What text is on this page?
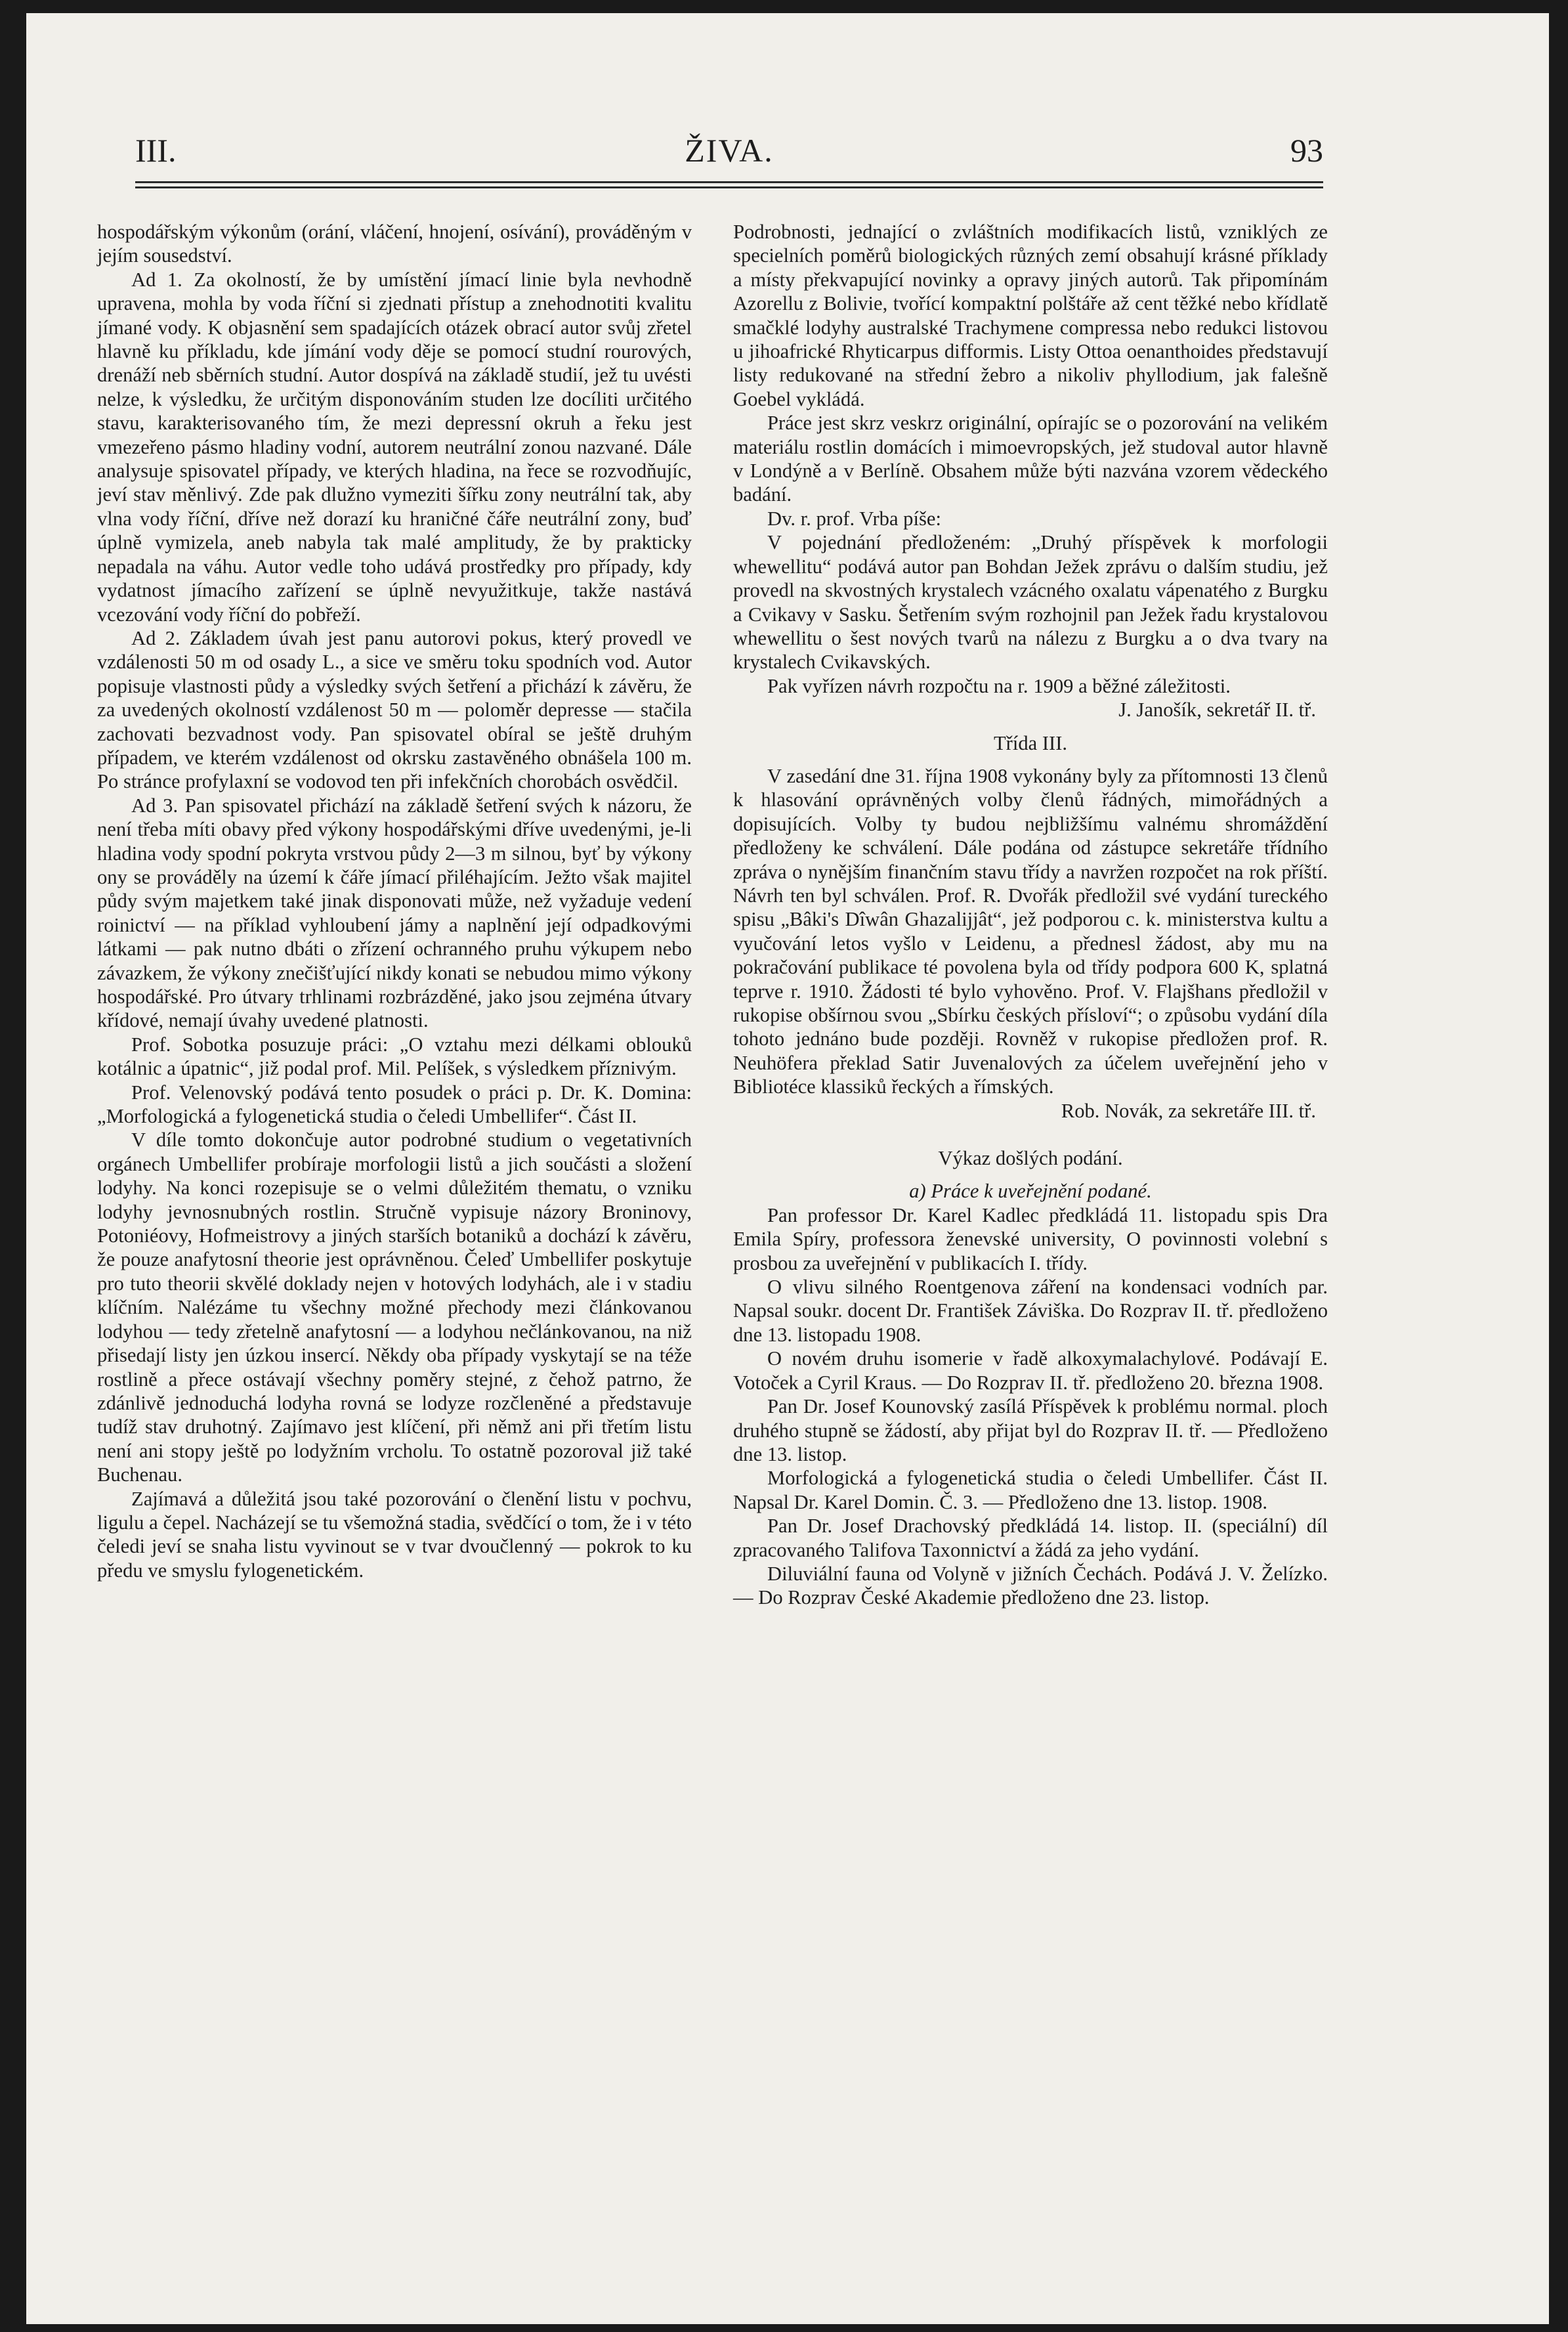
III.	ŽIVA.	93

hospodářským výkonům (orání, vláčení, hnojení, osívání), prováděným v jejím sousedství.

Ad 1. Za okolností, že by umístění jímací linie byla nevhodně upravena, mohla by voda říční si zjednati přístup a znehodnotiti kvalitu jímané vody. K objasnění sem spadajících otázek obrací autor svůj zřetel hlavně ku příkladu, kde jímání vody děje se pomocí studní rourových, drenáží neb sběrních studní. Autor dospívá na základě studií, jež tu uvésti nelze, k výsledku, že určitým disponováním studen lze docíliti určitého stavu, karakterisovaného tím, že mezi depressní okruh a řeku jest vmezeřeno pásmo hladiny vodní, autorem neutrální zonou nazvané. Dále analysuje spisovatel případy, ve kterých hladina, na řece se rozvodňujíc, jeví stav měnlivý. Zde pak dlužno vymeziti šířku zony neutrální tak, aby vlna vody říční, dříve než dorazí ku hraničné čáře neutrální zony, buď úplně vymizela, aneb nabyla tak malé amplitudy, že by prakticky nepadala na váhu. Autor vedle toho udává prostředky pro případy, kdy vydatnost jímacího zařízení se úplně nevyužitkuje, takže nastává vcezování vody říční do pobřeží.

Ad 2. Základem úvah jest panu autorovi pokus, který provedl ve vzdálenosti 50 m od osady L., a sice ve směru toku spodních vod. Autor popisuje vlastnosti půdy a výsledky svých šetření a přichází k závěru, že za uvedených okolností vzdálenost 50 m — poloměr depresse — stačila zachovati bezvadnost vody. Pan spisovatel obíral se ještě druhým případem, ve kterém vzdálenost od okrsku zastavěného obnášela 100 m. Po stránce profylaxní se vodovod ten při infekčních chorobách osvědčil.

Ad 3. Pan spisovatel přichází na základě šetření svých k názoru, že není třeba míti obavy před výkony hospodářskými dříve uvedenými, je-li hladina vody spodní pokryta vrstvou půdy 2—3 m silnou, byť by výkony ony se prováděly na území k čáře jímací přiléhajícím. Ježto však majitel půdy svým majetkem také jinak disponovati může, než vyžaduje vedení roinictví — na příklad vyhloubení jámy a naplnění její odpadkovými látkami — pak nutno dbáti o zřízení ochranného pruhu výkupem nebo závazkem, že výkony znečišťující nikdy konati se nebudou mimo výkony hospodářské. Pro útvary trhlinami rozbrázděné, jako jsou zejména útvary křídové, nemají úvahy uvedené platnosti.

Prof. Sobotka posuzuje práci: „O vztahu mezi délkami oblouků kotálnic a úpatnic“, již podal prof. Mil. Pelíšek, s výsledkem příznivým.

Prof. Velenovský podává tento posudek o práci p. Dr. K. Domina: „Morfologická a fylogenetická studia o čeledi Umbellifer“. Část II.

V díle tomto dokončuje autor podrobné studium o vegetativních orgánech Umbellifer probíraje morfologii listů a jich součásti a složení lodyhy. Na konci rozepisuje se o velmi důležitém thematu, o vzniku lodyhy jevnosnubných rostlin. Stručně vypisuje názory Broninovy, Potoniéovy, Hofmeistrovy a jiných starších botaniků a dochází k závěru, že pouze anafytosní theorie jest oprávněnou. Čeleď Umbellifer poskytuje pro tuto theorii skvělé doklady nejen v hotových lodyhách, ale i v stadiu klíčním. Nalézáme tu všechny možné přechody mezi článkovanou lodyhou — tedy zřetelně anafytosní — a lodyhou nečlánkovanou, na niž přisedají listy jen úzkou insercí. Někdy oba případy vyskytají se na téže rostlině a přece ostávají všechny poměry stejné, z čehož patrno, že zdánlivě jednoduchá lodyha rovná se lodyze rozčleněné a představuje tudíž stav druhotný. Zajímavo jest klíčení, při němž ani při třetím listu není ani stopy ještě po lodyžním vrcholu. To ostatně pozoroval již také Buchenau.

Zajímavá a důležitá jsou také pozorování o členění listu v pochvu, ligulu a čepel. Nacházejí se tu všemožná stadia, svědčící o tom, že i v této čeledi jeví se snaha listu vyvinout se v tvar dvoučlenný — pokrok to ku předu ve smyslu fylogenetickém.

Podrobnosti, jednající o zvláštních modifikacích listů, vzniklých ze specielních poměrů biologických různých zemí obsahují krásné příklady a místy překvapující novinky a opravy jiných autorů. Tak připomínám Azorellu z Bolivie, tvořící kompaktní polštáře až cent těžké nebo křídlatě smačklé lodyhy australské Trachymene compressa nebo redukci listovou u jihoafrické Rhyticarpus difformis. Listy Ottoa oenanthoides představují listy redukované na střední žebro a nikoliv phyllodium, jak falešně Goebel vykládá.

Práce jest skrz veskrz originální, opírajíc se o pozorování na velikém materiálu rostlin domácích i mimoevropských, jež studoval autor hlavně v Londýně a v Berlíně. Obsahem může býti nazvána vzorem vědeckého badání.

Dv. r. prof. Vrba píše:

V pojednání předloženém: „Druhý příspěvek k morfologii whewellitu“ podává autor pan Bohdan Ježek zprávu o dalším studiu, jež provedl na skvostných krystalech vzácného oxalatu vápenatého z Burgku a Cvikavy v Sasku. Šetřením svým rozhojnil pan Ježek řadu krystalovou whewellitu o šest nových tvarů na nálezu z Burgku a o dva tvary na krystalech Cvikavských.

Pak vyřízen návrh rozpočtu na r. 1909 a běžné záležitosti.

J. Janošík, sekretář II. tř.

Třída III.

V zasedání dne 31. října 1908 vykonány byly za přítomnosti 13 členů k hlasování oprávněných volby členů řádných, mimořádných a dopisujících. Volby ty budou nejbližšímu valnému shromáždění předloženy ke schválení. Dále podána od zástupce sekretáře třídního zpráva o nynějším finančním stavu třídy a navržen rozpočet na rok příští. Návrh ten byl schválen. Prof. R. Dvořák předložil své vydání tureckého spisu „Bâki's Dîwân Ghazalijjât“, jež podporou c. k. ministerstva kultu a vyučování letos vyšlo v Leidenu, a přednesl žádost, aby mu na pokračování publikace té povolena byla od třídy podpora 600 K, splatná teprve r. 1910. Žádosti té bylo vyhověno. Prof. V. Flajšhans předložil v rukopise obšírnou svou „Sbírku českých přísloví“; o způsobu vydání díla tohoto jednáno bude později. Rovněž v rukopise předložen prof. R. Neuhöfera překlad Satir Juvenalových za účelem uveřejnění jeho v Bibliotéce klassiků řeckých a římských.

Rob. Novák, za sekretáře III. tř.

Výkaz došlých podání.

a) Práce k uveřejnění podané.

Pan professor Dr. Karel Kadlec předkládá 11. listopadu spis Dra Emila Spíry, professora ženevské university, O povinnosti volební s prosbou za uveřejnění v publikacích I. třídy.

O vlivu silného Roentgenova záření na kondensaci vodních par. Napsal soukr. docent Dr. František Záviška. Do Rozprav II. tř. předloženo dne 13. listopadu 1908.

O novém druhu isomerie v řadě alkoxymalachylové. Podávají E. Votoček a Cyril Kraus. — Do Rozprav II. tř. předloženo 20. března 1908.

Pan Dr. Josef Kounovský zasílá Příspěvek k problému normal. ploch druhého stupně se žádostí, aby přijat byl do Rozprav II. tř. — Předloženo dne 13. listop.

Morfologická a fylogenetická studia o čeledi Umbellifer. Část II. Napsal Dr. Karel Domin. Č. 3. — Předloženo dne 13. listop. 1908.

Pan Dr. Josef Drachovský předkládá 14. listop. II. (speciální) díl zpracovaného Talifova Taxonnictví a žádá za jeho vydání.

Diluviální fauna od Volyně v jižních Čechách. Podává J. V. Želízko. — Do Rozprav České Akademie předloženo dne 23. listop.
